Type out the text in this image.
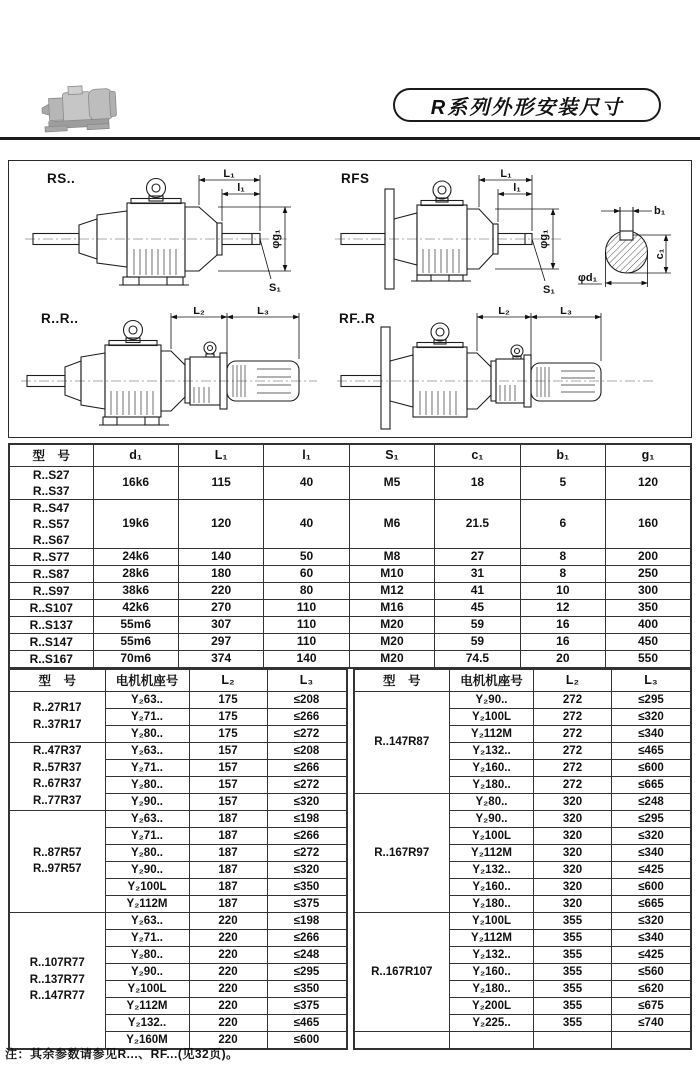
R系列外形安装尺寸
RS..	L₁
l₁
φg₁
S₁
RFS	L₁
l₁
φg₁
S₁
b₁
c₁
φd₁
R..R..	L₂	L₃	RF..R	L₂	L₃
型　号	d₁	L₁	l₁	S₁	c₁	b₁	g₁

R..S27
R..S37	16k6	115	40	M5	18	5	120

R..S47
R..S57
R..S67	19k6	120	40	M6	21.5	6	160

R..S77	24k6	140	50	M8	27	8	200

R..S87	28k6	180	60	M10	31	8	250

R..S97	38k6	220	80	M12	41	10	300

R..S107	42k6	270	110	M16	45	12	350

R..S137	55m6	307	110	M20	59	16	400

R..S147	55m6	297	110	M20	59	16	450

R..S167	70m6	374	140	M20	74.5	20	550
型　号	电机机座号	L₂	L₃

R..27R17
R..37R17	Y₂63..	175	≤208
	Y₂71..	175	≤266
	Y₂80..	175	≤272

R..47R37
R..57R37
R..67R37
R..77R37	Y₂63..	157	≤208
	Y₂71..	157	≤266
	Y₂80..	157	≤272
	Y₂90..	157	≤320

R..87R57
R..97R57	Y₂63..	187	≤198
	Y₂71..	187	≤266
	Y₂80..	187	≤272
	Y₂90..	187	≤320
	Y₂100L	187	≤350
	Y₂112M	187	≤375

R..107R77
R..137R77
R..147R77	Y₂63..	220	≤198
	Y₂71..	220	≤266
	Y₂80..	220	≤248
	Y₂90..	220	≤295
	Y₂100L	220	≤350
	Y₂112M	220	≤375
	Y₂132..	220	≤465
	Y₂160M	220	≤600
型　号	电机机座号	L₂	L₃

R..147R87	Y₂90..	272	≤295
	Y₂100L	272	≤320
	Y₂112M	272	≤340
	Y₂132..	272	≤465
	Y₂160..	272	≤600
	Y₂180..	272	≤665

R..167R97	Y₂80..	320	≤248
	Y₂90..	320	≤295
	Y₂100L	320	≤320
	Y₂112M	320	≤340
	Y₂132..	320	≤425
	Y₂160..	320	≤600
	Y₂180..	320	≤665

R..167R107	Y₂100L	355	≤320
	Y₂112M	355	≤340
	Y₂132..	355	≤425
	Y₂160..	355	≤560
	Y₂180..	355	≤620
	Y₂200L	355	≤675
	Y₂225..	355	≤740

注：其余参数请参见R...、RF...(见32页)。
